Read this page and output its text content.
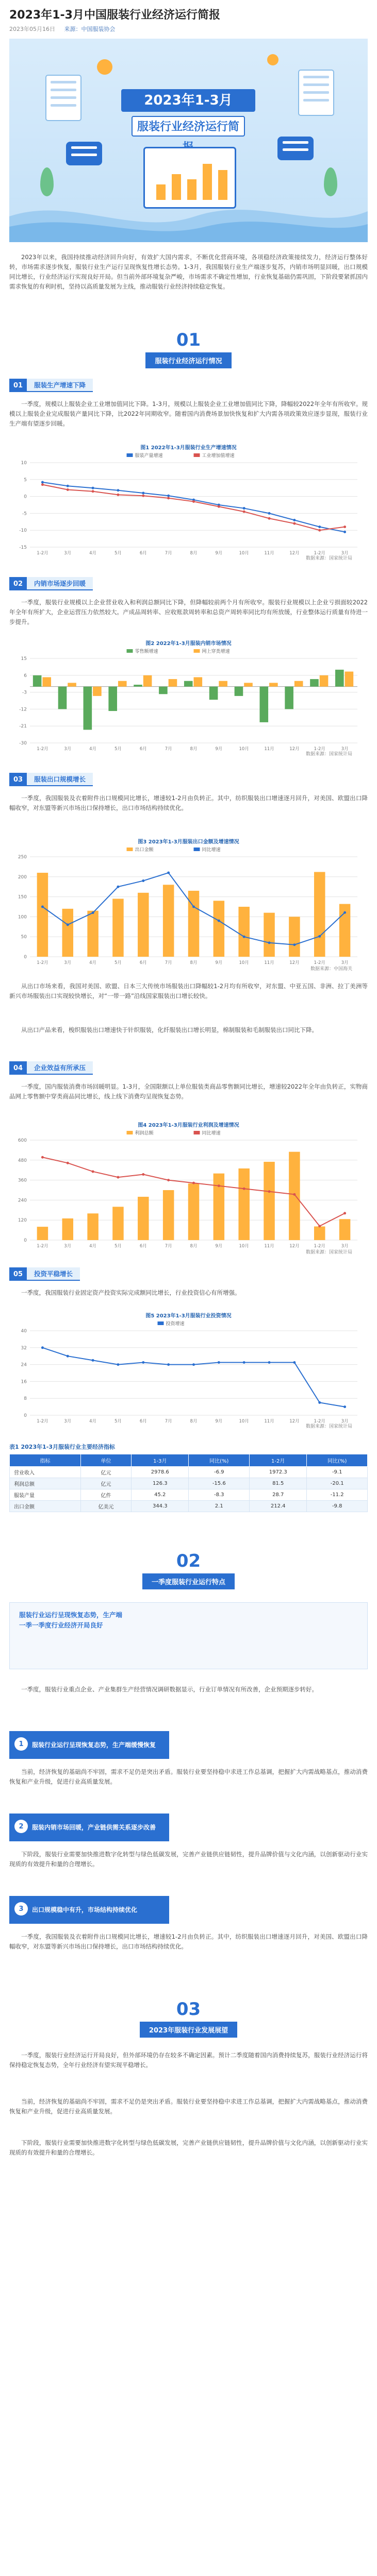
2023年1-3月中国服装行业经济运行简报
2023年05月16日 来源：中国服装协会
2023年1-3月
服装行业经济运行简
2023年以来，我国持续推动经济回升向好，有效扩大国内需求，不断优化营商环境，各项稳经济政策接续发力，经济运行整体好转，市场需求逐步恢复，服装行业生产运行呈现恢复性增长态势。1-3月，我国服装行业生产端逐步复苏，内销市场明显回暖，出口规模同比增长，行业经济运行实现良好开局。但当前外部环境复杂严峻，市场需求不确定性增加，行业恢复基础仍需巩固，下阶段要紧抓国内需求恢复的有利时机，坚持以高质量发展为主线，推动服装行业经济持续稳定恢复。
01
服装行业经济运行情况
01	服装生产增速下降
一季度，规模以上服装企业工业增加值同比下降。1-3月，规模以上服装企业工业增加值同比下降，降幅较2022年全年有所收窄。规模以上服装企业完成服装产量同比下降，比2022年同期收窄。随着国内消费场景加快恢复和扩大内需各项政策效应逐步显现，服装行业生产端有望逐步回暖。
图1 2022年1-3月服装行业生产增速情况
-15
-10
-5
0
5
10
1-2月	3月	4月	5月	6月	7月	8月	9月	10月	11月	12月	1-2月	3月
服装产量增速	工业增加值增速
数据来源：国家统计局
02	内销市场逐步回暖
一季度，服装行业规模以上企业营业收入和利润总额同比下降，但降幅较前两个月有所收窄。服装行业规模以上企业亏损面较2022年全年有所扩大，企业运营压力依然较大。产成品周转率、应收账款周转率和总资产周转率同比均有所放缓，行业整体运行质量有待进一步提升。
图2 2022年1-3月服装内销市场情况
-30
-21
-12
-3
6
15
1-2月	3月	4月	5月	6月	7月	8月	9月	10月	11月	12月	1-2月	3月
零售额增速	网上穿类增速
数据来源：国家统计局
03	服装出口规模增长
一季度，我国服装及衣着附件出口规模同比增长，增速较1-2月由负转正。其中，纺织服装出口增速逐月回升，对美国、欧盟出口降幅收窄，对东盟等新兴市场出口保持增长，出口市场结构持续优化。
图3 2023年1-3月服装出口金额及增速情况
0
50
100
150
200
250
1-2月	3月	4月	5月	6月	7月	8月	9月	10月	11月	12月	1-2月	3月
出口金额	同比增速
数据来源：中国海关
从出口市场来看，我国对美国、欧盟、日本三大传统市场服装出口降幅较1-2月均有所收窄，对东盟、中亚五国、非洲、拉丁美洲等新兴市场服装出口实现较快增长，对“一带一路”沿线国家服装出口增长较快。
从出口产品来看，梭织服装出口增速快于针织服装，化纤服装出口增长明显，棉制服装和毛制服装出口同比下降。
04	企业效益有所承压
一季度，国内服装消费市场回暖明显。1-3月，全国限额以上单位服装类商品零售额同比增长，增速较2022年全年由负转正，实物商品网上零售额中穿类商品同比增长，线上线下消费均呈现恢复态势。
图4 2023年1-3月服装行业利润及增速情况
0
120
240
360
480
600
1-2月	3月	4月	5月	6月	7月	8月	9月	10月	11月	12月	1-2月	3月
利润总额	同比增速
数据来源：国家统计局
05	投资平稳增长
一季度，我国服装行业固定资产投资实际完成额同比增长，行业投资信心有所增强。
图5 2023年1-3月服装行业投资情况
0
8
16
24
32
40
1-2月	3月	4月	5月	6月	7月	8月	9月	10月	11月	12月	1-2月	3月
投资增速
数据来源：国家统计局
表1 2023年1-3月服装行业主要经济指标
指标	单位	1-3月	同比(%)	1-2月	同比(%)
营业收入	亿元	2978.6	-6.9	1972.3	-9.1
利润总额	亿元	126.3	-15.6	81.5	-20.1
服装产量	亿件	45.2	-8.3	28.7	-11.2
出口金额	亿美元	344.3	2.1	212.4	-9.8
02
一季度服装行业运行特点
服装行业运行呈现恢复态势，生产端
一季一季度行业经济开局良好
一季度，服装行业重点企业、产业集群生产经营情况调研数据显示，行业订单情况有所改善，企业预期逐步转好。
1	服装行业运行呈现恢复态势，生产端缓慢恢复
当前，经济恢复的基础尚不牢固，需求不足仍是突出矛盾。服装行业要坚持稳中求进工作总基调，把握扩大内需战略基点，推动消费恢复和产业升级，促进行业高质量发展。
2	服装内销市场回暖，产业链供需关系逐步改善
下阶段，服装行业需要加快推进数字化转型与绿色低碳发展，完善产业链供应链韧性，提升品牌价值与文化内涵，以创新驱动行业实现质的有效提升和量的合理增长。
3	出口规模稳中有升，市场结构持续优化
一季度，我国服装及衣着附件出口规模同比增长，增速较1-2月由负转正。其中，纺织服装出口增速逐月回升，对美国、欧盟出口降幅收窄，对东盟等新兴市场出口保持增长，出口市场结构持续优化。
03
2023年服装行业发展展望
一季度，服装行业经济运行开局良好，但外部环境仍存在较多不确定因素。预计二季度随着国内消费持续复苏，服装行业经济运行将保持稳定恢复态势，全年行业经济有望实现平稳增长。
当前，经济恢复的基础尚不牢固，需求不足仍是突出矛盾。服装行业要坚持稳中求进工作总基调，把握扩大内需战略基点，推动消费恢复和产业升级，促进行业高质量发展。
下阶段，服装行业需要加快推进数字化转型与绿色低碳发展，完善产业链供应链韧性，提升品牌价值与文化内涵，以创新驱动行业实现质的有效提升和量的合理增长。
